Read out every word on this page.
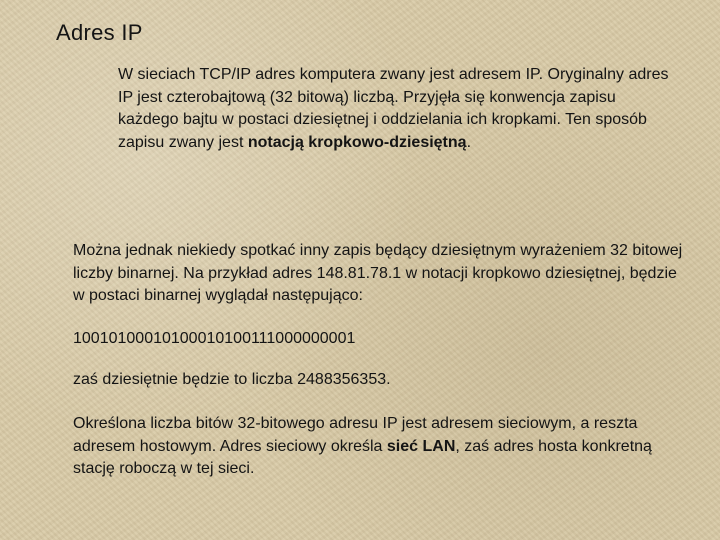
Adres IP

W sieciach TCP/IP adres komputera zwany jest adresem IP. Oryginalny adres IP jest czterobajtową (32 bitową) liczbą. Przyjęła się konwencja zapisu każdego bajtu w postaci dziesiętnej i oddzielania ich kropkami. Ten sposób zapisu zwany jest notacją kropkowo-dziesiętną.

Można jednak niekiedy spotkać inny zapis będący dziesiętnym wyrażeniem 32 bitowej liczby binarnej. Na przykład adres 148.81.78.1 w notacji kropkowo dziesiętnej, będzie w postaci binarnej wyglądał następująco:

10010100010100010100111000000001

zaś dziesiętnie będzie to liczba 2488356353.

Określona liczba bitów 32-bitowego adresu IP jest adresem sieciowym, a reszta adresem hostowym. Adres sieciowy określa sieć LAN, zaś adres hosta konkretną stację roboczą w tej sieci.
